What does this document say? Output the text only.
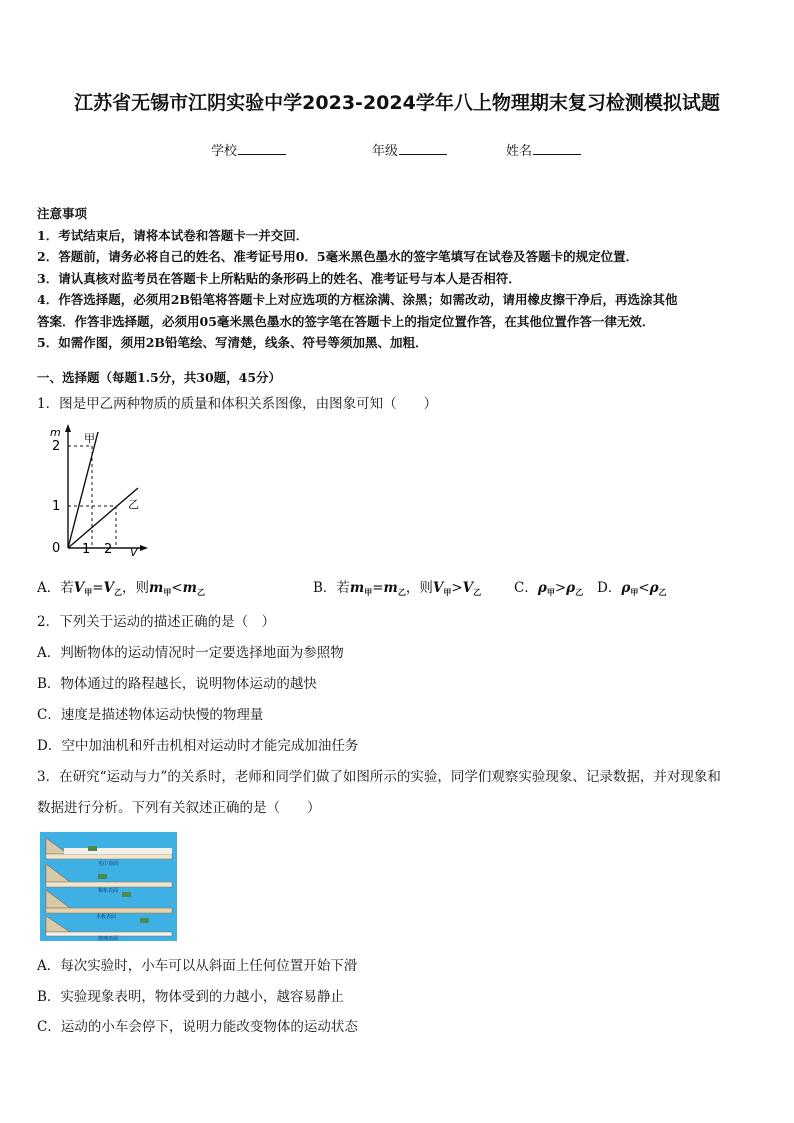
江苏省无锡市江阴实验中学2023-2024学年八上物理期末复习检测模拟试题
学校	年级	姓名

注意事项

1．考试结束后，请将本试卷和答题卡一并交回．

2．答题前，请务必将自己的姓名、准考证号用0．5毫米黑色墨水的签字笔填写在试卷及答题卡的规定位置．

3．请认真核对监考员在答题卡上所粘贴的条形码上的姓名、准考证号与本人是否相符．

4．作答选择题，必须用2B铅笔将答题卡上对应选项的方框涂满、涂黑；如需改动，请用橡皮擦干净后，再选涂其他

答案．作答非选择题，必须用05毫米黑色墨水的签字笔在答题卡上的指定位置作答，在其他位置作答一律无效．

5．如需作图，须用2B铅笔绘、写清楚，线条、符号等须加黑、加粗．

一、选择题（每题1.5分，共30题，45分）
1．图是甲乙两种物质的质量和体积关系图像，由图象可知（　　）
m 甲
乙
2
1
0 1 2 V
A．若$V_甲=V_乙$，则$m_甲<m_乙$	B．若$m_甲=m_乙$，则$V_甲>V_乙$ C．$\rho_甲>\rho_乙$ D．$\rho_甲<\rho_乙$
2．下列关于运动的描述正确的是（　）
A．判断物体的运动情况时一定要选择地面为参照物
B．物体通过的路程越长，说明物体运动的越快
C．速度是描述物体运动快慢的物理量
D．空中加油机和歼击机相对运动时才能完成加油任务
3．在研究“运动与力”的关系时，老师和同学们做了如图所示的实验，同学们观察实验现象、记录数据，并对现象和
数据进行分析。下列有关叙述正确的是（　　）
毛巾表面
棉布表面
木板表面
玻璃表面
A．每次实验时，小车可以从斜面上任何位置开始下滑
B．实验现象表明，物体受到的力越小，越容易静止
C．运动的小车会停下，说明力能改变物体的运动状态
